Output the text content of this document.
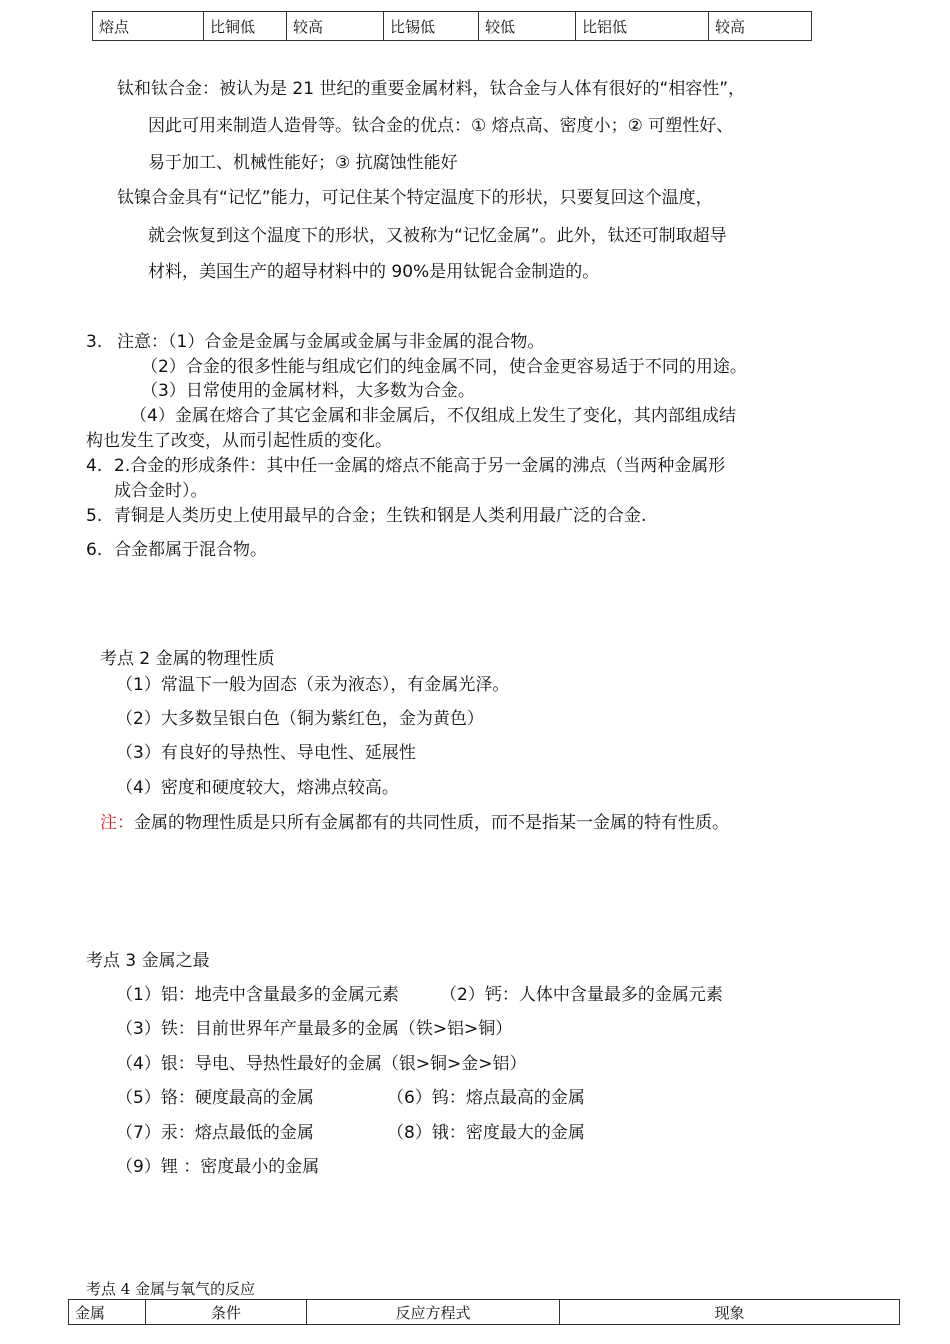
熔点	比铜低	较高	比锡低	较低	比铝低	较高
钛和钛合金：被认为是 21 世纪的重要金属材料，钛合金与人体有很好的“相容性”，
因此可用来制造人造骨等。钛合金的优点：① 熔点高、密度小；② 可塑性好、
易于加工、机械性能好；③ 抗腐蚀性能好
钛镍合金具有“记忆”能力，可记住某个特定温度下的形状，只要复回这个温度，
就会恢复到这个温度下的形状，又被称为“记忆金属”。此外，钛还可制取超导
材料，美国生产的超导材料中的 90%是用钛铌合金制造的。
3. 注意：（1）合金是金属与金属或金属与非金属的混合物。
（2）合金的很多性能与组成它们的纯金属不同，使合金更容易适于不同的用途。
（3）日常使用的金属材料，大多数为合金。
（4）金属在熔合了其它金属和非金属后，不仅组成上发生了变化，其内部组成结
构也发生了改变，从而引起性质的变化。
4. 2.合金的形成条件：其中任一金属的熔点不能高于另一金属的沸点（当两种金属形
成合金时）。
5. 青铜是人类历史上使用最早的合金；生铁和钢是人类利用最广泛的合金.
6. 合金都属于混合物。
考点 2 金属的物理性质
（1）常温下一般为固态（汞为液态），有金属光泽。
（2）大多数呈银白色（铜为紫红色，金为黄色）
（3）有良好的导热性、导电性、延展性
（4）密度和硬度较大，熔沸点较高。
注：金属的物理性质是只所有金属都有的共同性质，而不是指某一金属的特有性质。
考点 3 金属之最
（1）铝：地壳中含量最多的金属元素 （2）钙：人体中含量最多的金属元素
（3）铁：目前世界年产量最多的金属（铁>铝>铜）
（4）银：导电、导热性最好的金属（银>铜>金>铝）
（5）铬：硬度最高的金属	（6）钨：熔点最高的金属
（7）汞：熔点最低的金属	（8）锇：密度最大的金属
（9）锂 ：密度最小的金属
考点 4 金属与氧气的反应
金属	条件	反应方程式	现象
